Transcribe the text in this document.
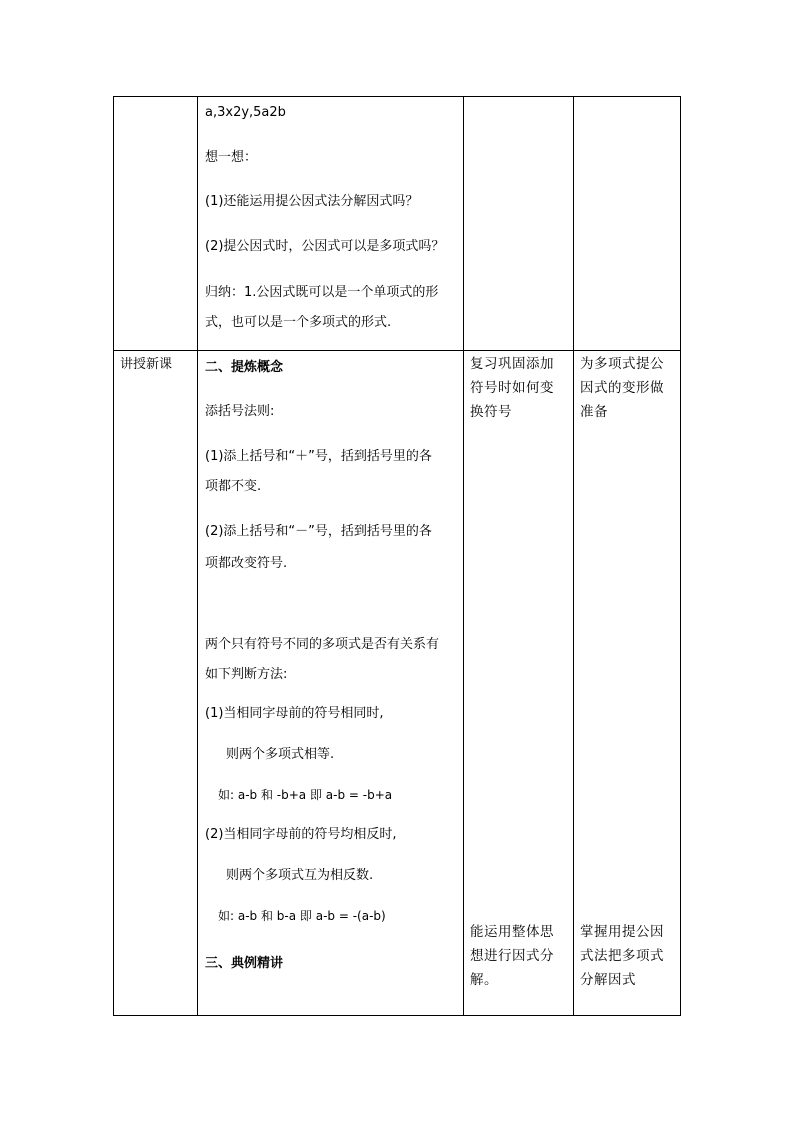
a,3x2y,5a2b
想一想：
(1)还能运用提公因式法分解因式吗？
(2)提公因式时，公因式可以是多项式吗？
归纳：1.公因式既可以是一个单项式的形
式，也可以是一个多项式的形式.
讲授新课	二、提炼概念
添括号法则:
(1)添上括号和“＋”号，括到括号里的各
项都不变.
(2)添上括号和“－”号，括到括号里的各
项都改变符号.
两个只有符号不同的多项式是否有关系有
如下判断方法:
(1)当相同字母前的符号相同时,
则两个多项式相等.
如: a-b 和 -b+a 即 a-b = -b+a
(2)当相同字母前的符号均相反时,
则两个多项式互为相反数.
如: a-b 和 b-a 即 a-b = -(a-b)
三、典例精讲
复习巩固添加
符号时如何变
换符号
为多项式提公
因式的变形做
准备
能运用整体思
想进行因式分
解。
掌握用提公因
式法把多项式
分解因式
